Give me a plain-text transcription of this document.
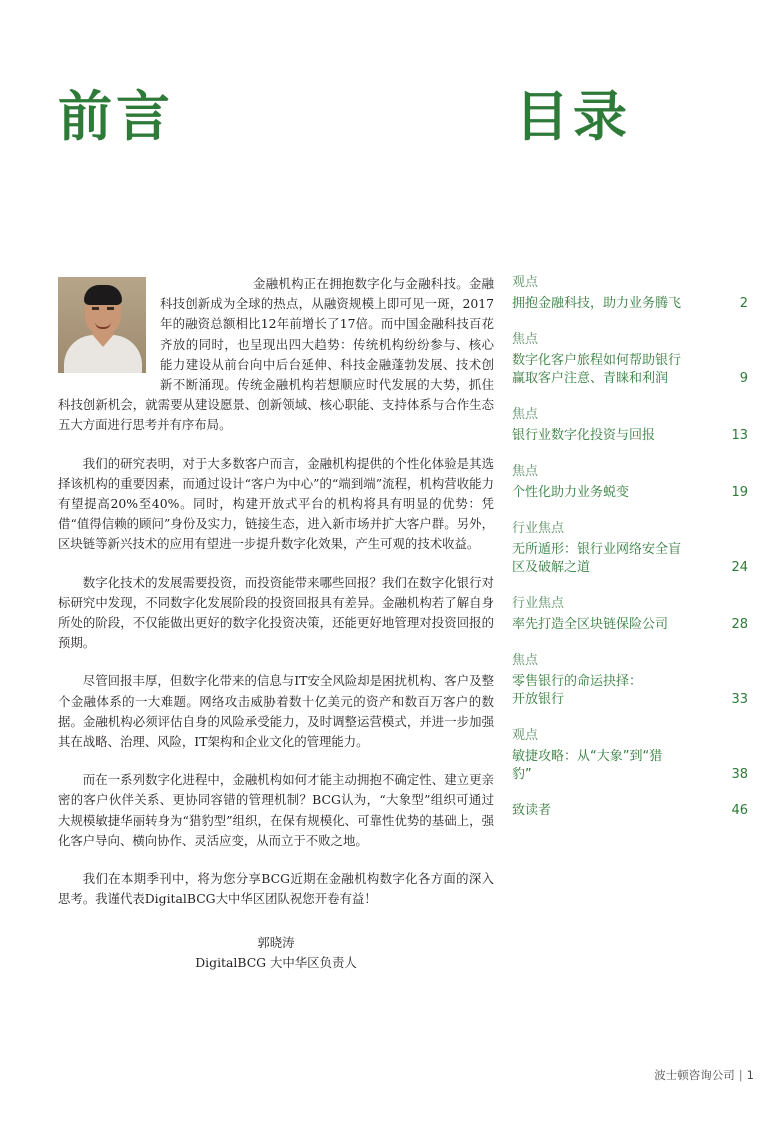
前言	目录

金融机构正在拥抱数字化与金融科技。金融科技创新成为全球的热点，从融资规模上即可见一斑，2017年的融资总额相比12年前增长了17倍。而中国金融科技百花齐放的同时，也呈现出四大趋势：传统机构纷纷参与、核心能力建设从前台向中后台延伸、科技金融蓬勃发展、技术创新不断涌现。传统金融机构若想顺应时代发展的大势，抓住科技创新机会，就需要从建设愿景、创新领域、核心职能、支持体系与合作生态五大方面进行思考并有序布局。

我们的研究表明，对于大多数客户而言，金融机构提供的个性化体验是其选择该机构的重要因素，而通过设计“客户为中心”的“端到端”流程，机构营收能力有望提高20%至40%。同时，构建开放式平台的机构将具有明显的优势：凭借“值得信赖的顾问”身份及实力，链接生态，进入新市场并扩大客户群。另外，区块链等新兴技术的应用有望进一步提升数字化效果，产生可观的技术收益。

数字化技术的发展需要投资，而投资能带来哪些回报？我们在数字化银行对标研究中发现，不同数字化发展阶段的投资回报具有差异。金融机构若了解自身所处的阶段，不仅能做出更好的数字化投资决策，还能更好地管理对投资回报的预期。

尽管回报丰厚，但数字化带来的信息与IT安全风险却是困扰机构、客户及整个金融体系的一大难题。网络攻击威胁着数十亿美元的资产和数百万客户的数据。金融机构必须评估自身的风险承受能力，及时调整运营模式，并进一步加强其在战略、治理、风险，IT架构和企业文化的管理能力。

而在一系列数字化进程中，金融机构如何才能主动拥抱不确定性、建立更亲密的客户伙伴关系、更协同容错的管理机制？BCG认为，“大象型”组织可通过大规模敏捷华丽转身为“猎豹型”组织，在保有规模化、可靠性优势的基础上，强化客户导向、横向协作、灵活应变，从而立于不败之地。

我们在本期季刊中，将为您分享BCG近期在金融机构数字化各方面的深入思考。我谨代表DigitalBCG大中华区团队祝您开卷有益！

郭晓涛
DigitalBCG 大中华区负责人
观点
拥抱金融科技，助力业务腾飞	2
焦点
数字化客户旅程如何帮助银行
赢取客户注意、青睐和利润	9
焦点
银行业数字化投资与回报	13
焦点
个性化助力业务蜕变	19
行业焦点
无所遁形：银行业网络安全盲
区及破解之道	24
行业焦点
率先打造全区块链保险公司	28
焦点
零售银行的命运抉择：
开放银行	33
观点
敏捷攻略：从“大象”到“猎
豹”	38
致读者	46
波士顿咨询公司 | 1
